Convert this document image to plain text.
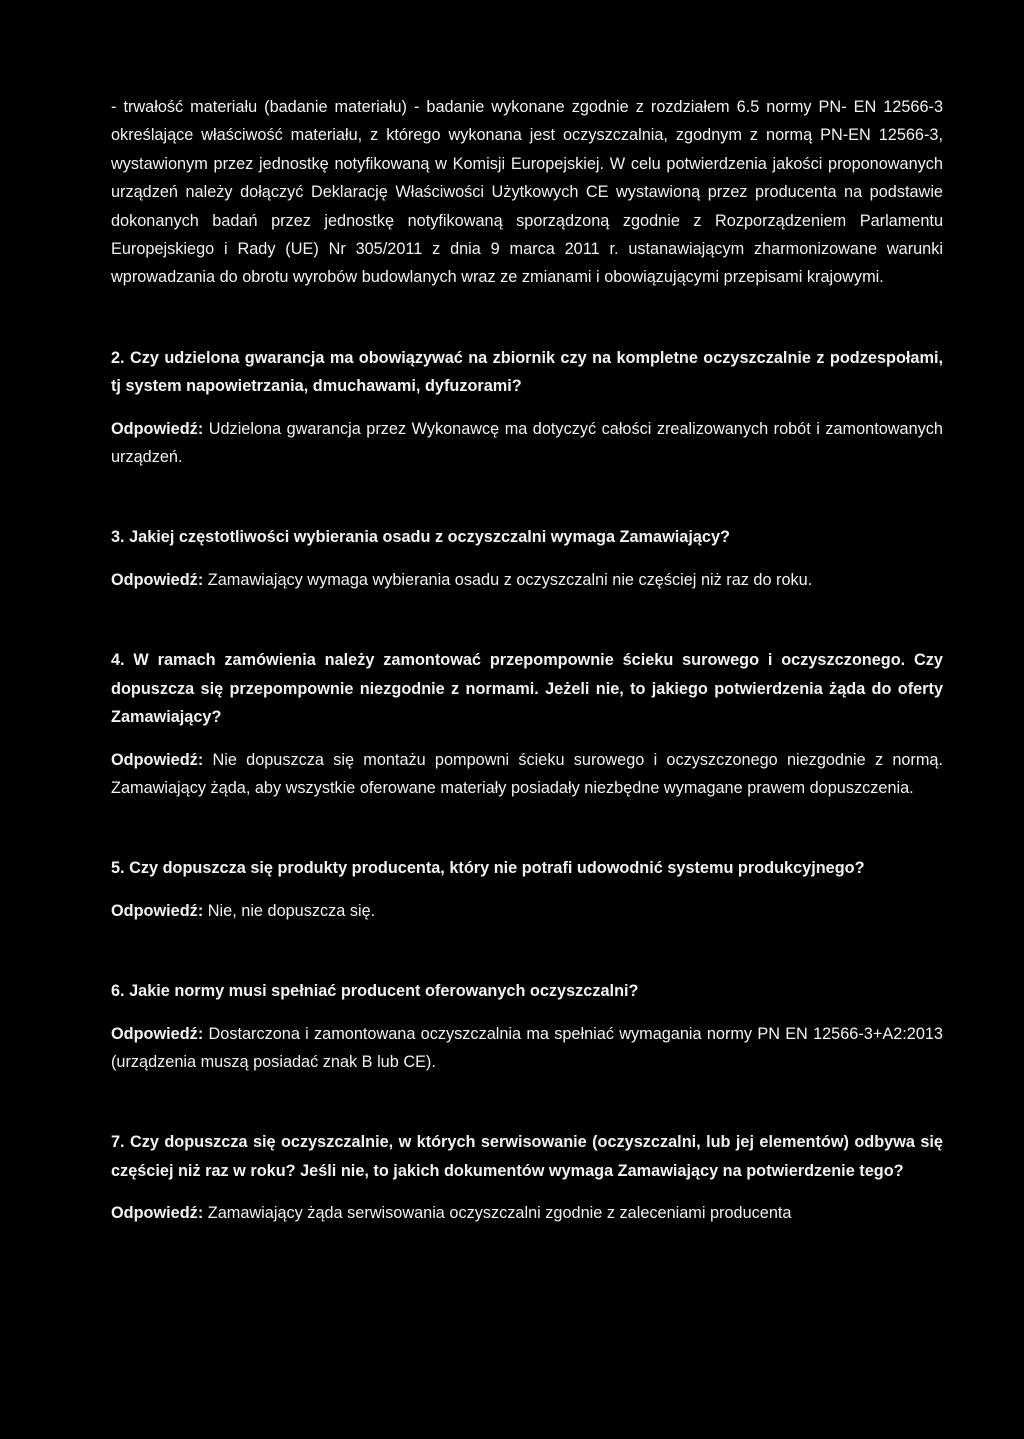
- trwałość materiału (badanie materiału) - badanie wykonane zgodnie z rozdziałem 6.5 normy PN- EN 12566-3 określające właściwość materiału, z którego wykonana jest oczyszczalnia, zgodnym z normą PN-EN 12566-3, wystawionym przez jednostkę notyfikowaną w Komisji Europejskiej. W celu potwierdzenia jakości proponowanych urządzeń należy dołączyć Deklarację Właściwości Użytkowych CE wystawioną przez producenta na podstawie dokonanych badań przez jednostkę notyfikowaną sporządzoną zgodnie z Rozporządzeniem Parlamentu Europejskiego i Rady (UE) Nr 305/2011 z dnia 9 marca 2011 r. ustanawiającym zharmonizowane warunki wprowadzania do obrotu wyrobów budowlanych wraz ze zmianami i obowiązującymi przepisami krajowymi.

2. Czy udzielona gwarancja ma obowiązywać na zbiornik czy na kompletne oczyszczalnie z podzespołami, tj system napowietrzania, dmuchawami, dyfuzorami?

Odpowiedź: Udzielona gwarancja przez Wykonawcę ma dotyczyć całości zrealizowanych robót i zamontowanych urządzeń.

3. Jakiej częstotliwości wybierania osadu z oczyszczalni wymaga Zamawiający?

Odpowiedź: Zamawiający wymaga wybierania osadu z oczyszczalni nie częściej niż raz do roku.

4. W ramach zamówienia należy zamontować przepompownie ścieku surowego i oczyszczonego. Czy dopuszcza się przepompownie niezgodnie z normami. Jeżeli nie, to jakiego potwierdzenia żąda do oferty Zamawiający?

Odpowiedź: Nie dopuszcza się montażu pompowni ścieku surowego i oczyszczonego niezgodnie z normą. Zamawiający żąda, aby wszystkie oferowane materiały posiadały niezbędne wymagane prawem dopuszczenia.

5. Czy dopuszcza się produkty producenta, który nie potrafi udowodnić systemu produkcyjnego?

Odpowiedź: Nie, nie dopuszcza się.

6. Jakie normy musi spełniać producent oferowanych oczyszczalni?

Odpowiedź: Dostarczona i zamontowana oczyszczalnia ma spełniać wymagania normy PN EN 12566-3+A2:2013 (urządzenia muszą posiadać znak B lub CE).

7. Czy dopuszcza się oczyszczalnie, w których serwisowanie (oczyszczalni, lub jej elementów) odbywa się częściej niż raz w roku? Jeśli nie, to jakich dokumentów wymaga Zamawiający na potwierdzenie tego?

Odpowiedź: Zamawiający żąda serwisowania oczyszczalni zgodnie z zaleceniami producenta
